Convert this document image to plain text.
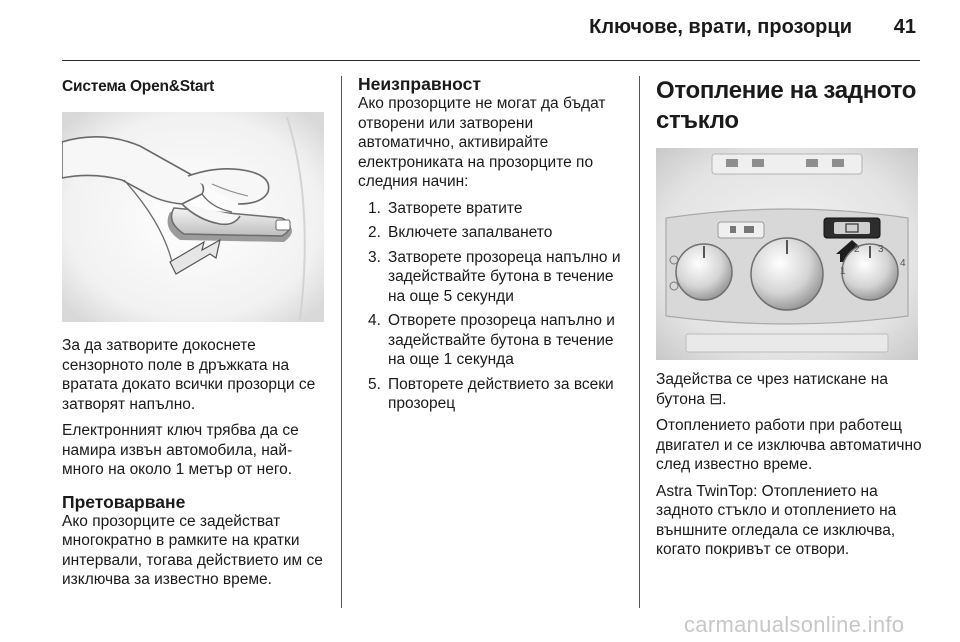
Ключове, врати, прозорци 41
Система Open&Start
За да затворите докоснете сензорното поле в дръжката на вратата докато всички прозорци се затворят напълно.
Електронният ключ трябва да се намира извън автомобила, най-много на около 1 метър от него.
Претоварване
Ако прозорците се задействат многократно в рамките на кратки интервали, тогава действието им се изключва за известно време.
Неизправност
Ако прозорците не могат да бъдат отворени или затворени автоматично, активирайте електрониката на прозорците по следния начин:
1. Затворете вратите
2. Включете запалването
3. Затворете прозореца напълно и задействайте бутона в течение на още 5 секунди
4. Отворете прозореца напълно и задействайте бутона в течение на още 1 секунда
5. Повторете действието за всеки прозорец
Отопление на задното стъкло
1
2 3
4
Задейства се чрез натискане на бутона ⊟.
Отоплението работи при работещ двигател и се изключва автоматично след известно време.
Astra TwinTop: Отоплението на задното стъкло и отоплението на външните огледала се изключва, когато покривът се отвори.
carmanualsonline.info
